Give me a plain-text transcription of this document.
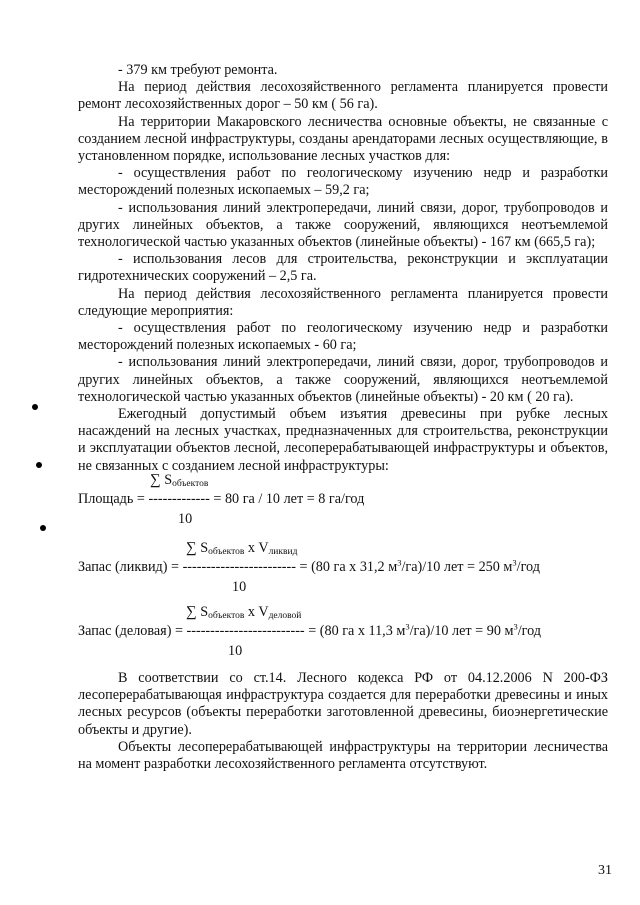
- 379 км требуют ремонта.

На период действия лесохозяйственного регламента планируется провести ремонт лесохозяйственных дорог – 50 км ( 56 га).

На территории Макаровского лесничества основные объекты, не связанные с созданием лесной инфраструктуры, созданы арендаторами лесных осуществляющие, в установленном порядке, использование лесных участков для:

- осуществления работ по геологическому изучению недр и разработки месторождений полезных ископаемых – 59,2 га;

- использования линий электропередачи, линий связи, дорог, трубопроводов и других линейных объектов, а также сооружений, являющихся неотъемлемой технологической частью указанных объектов (линейные объекты) - 167 км (665,5 га);

- использования лесов для строительства, реконструкции и эксплуатации гидротехнических сооружений – 2,5 га.

На период действия лесохозяйственного регламента планируется провести следующие мероприятия:

- осуществления работ по геологическому изучению недр и разработки месторождений полезных ископаемых - 60 га;

- использования линий электропередачи, линий связи, дорог, трубопроводов и других линейных объектов, а также сооружений, являющихся неотъемлемой технологической частью указанных объектов (линейные объекты) - 20 км ( 20 га).

Ежегодный допустимый объем изъятия древесины при рубке лесных насаждений на лесных участках, предназначенных для строительства, реконструкции и эксплуатации объектов лесной, лесоперерабатывающей инфраструктуры и объектов, не связанных с созданием лесной инфраструктуры:

∑ $S_{объектов}$
Площадь = ------------- = 80 га / 10 лет = 8 га/год
10
∑ $S_{объектов}$ x $V_{ликвид}$
Запас (ликвид) = ------------------------ = (80 га х 31,2 $м^3/га)/10$ лет = 250 $м^3$/год
10
∑ $S_{объектов}$ x $V_{деловой}$
Запас (деловая) = ------------------------- = (80 га х 11,3 $м^3/га)/10$ лет = 90 $м^3$/год
10

В соответствии со ст.14. Лесного кодекса РФ от 04.12.2006 N 200-ФЗ лесоперерабатывающая инфраструктура создается для переработки древесины и иных лесных ресурсов (объекты переработки заготовленной древесины, биоэнергетические объекты и другие).

Объекты лесоперерабатывающей инфраструктуры на территории лесничества на момент разработки лесохозяйственного регламента отсутствуют.

31
